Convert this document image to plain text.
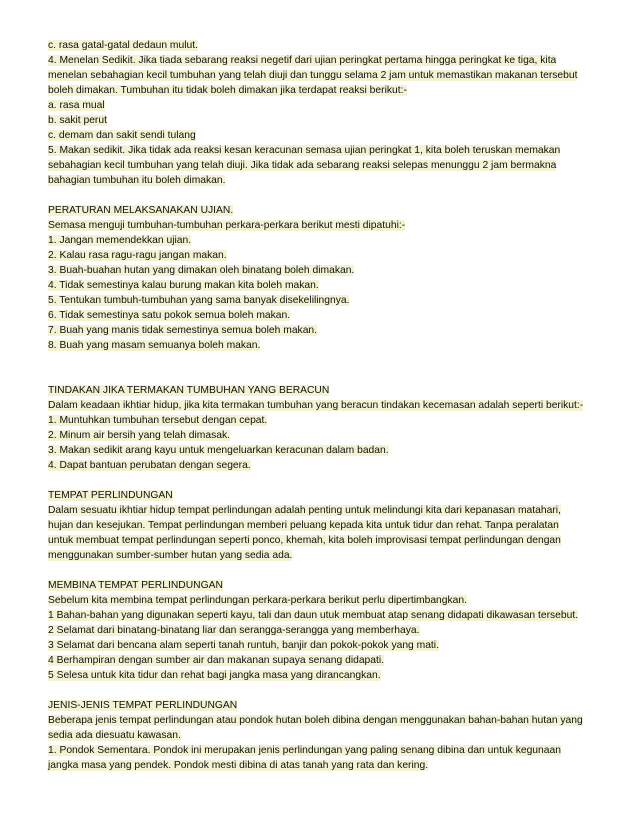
c. rasa gatal-gatal dedaun mulut.
4. Menelan Sedikit. Jika tiada sebarang reaksi negetif dari ujian peringkat pertama hingga peringkat ke tiga, kita
menelan sebahagian kecil tumbuhan yang telah diuji dan tunggu selama 2 jam untuk memastikan makanan tersebut
boleh dimakan. Tumbuhan itu tidak boleh dimakan jika terdapat reaksi berikut:-
a. rasa mual
b. sakit perut
c. demam dan sakit sendi tulang
5. Makan sedikit. Jika tidak ada reaksi kesan keracunan semasa ujian peringkat 1, kita boleh teruskan memakan
sebahagian kecil tumbuhan yang telah diuji. Jika tidak ada sebarang reaksi selepas menunggu 2 jam bermakna
bahagian tumbuhan itu boleh dimakan.
PERATURAN MELAKSANAKAN UJIAN.
Semasa menguji tumbuhan-tumbuhan perkara-perkara berikut mesti dipatuhi:-
1. Jangan memendekkan ujian.
2. Kalau rasa ragu-ragu jangan makan.
3. Buah-buahan hutan yang dimakan oleh binatang boleh dimakan.
4. Tidak semestinya kalau burung makan kita boleh makan.
5. Tentukan tumbuh-tumbuhan yang sama banyak disekelilingnya.
6. Tidak semestinya satu pokok semua boleh makan.
7. Buah yang manis tidak semestinya semua boleh makan.
8. Buah yang masam semuanya boleh makan.
TINDAKAN JIKA TERMAKAN TUMBUHAN YANG BERACUN
Dalam keadaan ikhtiar hidup, jika kita termakan tumbuhan yang beracun tindakan kecemasan adalah seperti berikut:-
1. Muntuhkan tumbuhan tersebut dengan cepat.
2. Minum air bersih yang telah dimasak.
3. Makan sedikit arang kayu untuk mengeluarkan keracunan dalam badan.
4. Dapat bantuan perubatan dengan segera.
TEMPAT PERLINDUNGAN
Dalam sesuatu ikhtiar hidup tempat perlindungan adalah penting untuk melindungi kita dari kepanasan matahari,
hujan dan kesejukan. Tempat perlindungan memberi peluang kepada kita untuk tidur dan rehat. Tanpa peralatan
untuk membuat tempat perlindungan seperti ponco, khemah, kita boleh improvisasi tempat perlindungan dengan
menggunakan sumber-sumber hutan yang sedia ada.
MEMBINA TEMPAT PERLINDUNGAN
Sebelum kita membina tempat perlindungan perkara-perkara berikut perlu dipertimbangkan.
1 Bahan-bahan yang digunakan seperti kayu, tali dan daun utuk membuat atap senang didapati dikawasan tersebut.
2 Selamat dari binatang-binatang liar dan serangga-serangga yang memberhaya.
3 Selamat dari bencana alam seperti tanah runtuh, banjir dan pokok-pokok yang mati.
4 Berhampiran dengan sumber air dan makanan supaya senang didapati.
5 Selesa untuk kita tidur dan rehat bagi jangka masa yang dirancangkan.
JENIS-JENIS TEMPAT PERLINDUNGAN
Beberapa jenis tempat perlindungan atau pondok hutan boleh dibina dengan menggunakan bahan-bahan hutan yang
sedia ada diesuatu kawasan.
1. Pondok Sementara. Pondok ini merupakan jenis perlindungan yang paling senang dibina dan untuk kegunaan
jangka masa yang pendek. Pondok mesti dibina di atas tanah yang rata dan kering.
